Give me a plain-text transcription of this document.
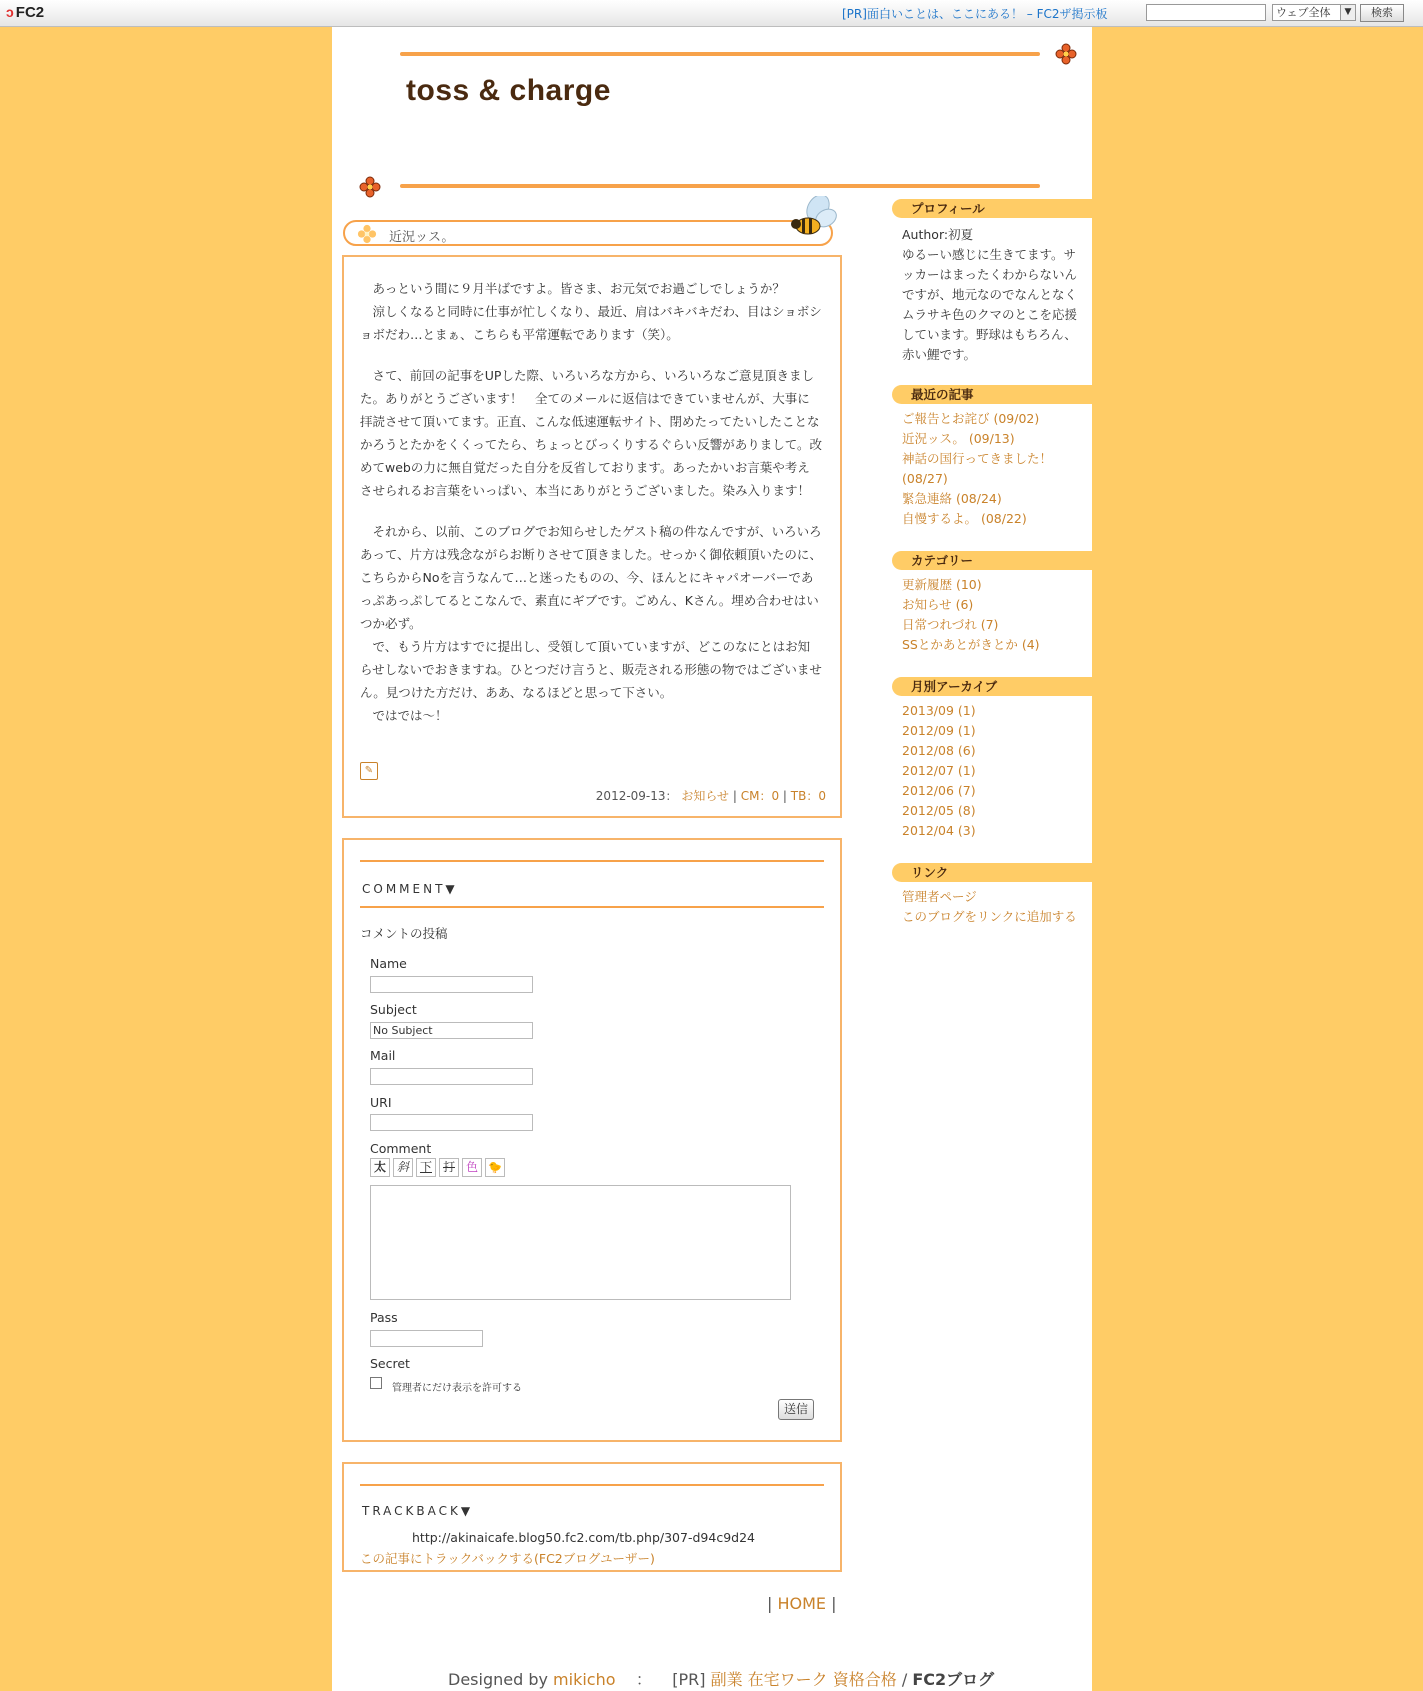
ↄ FC2	[PR]面白いことは、ここにある！ – FC2ザ掲示板	ウェブ全体	▼	検索
toss & charge
近況ッス。

　あっという間に９月半ばですよ。皆さま、お元気でお過ごしでしょうか？

　涼しくなると同時に仕事が忙しくなり、最近、肩はバキバキだわ、目はショボショボだわ…とまぁ、こちらも平常運転であります（笑）。

　さて、前回の記事をUPした際、いろいろな方から、いろいろなご意見頂きました。ありがとうございます！　全てのメールに返信はできていませんが、大事に拝読させて頂いてます。正直、こんな低速運転サイト、閉めたってたいしたことなかろうとたかをくくってたら、ちょっとびっくりするぐらい反響がありまして。改めてwebの力に無自覚だった自分を反省しております。あったかいお言葉や考えさせられるお言葉をいっぱい、本当にありがとうございました。染み入ります！

　それから、以前、このブログでお知らせしたゲスト稿の件なんですが、いろいろあって、片方は残念ながらお断りさせて頂きました。せっかく御依頼頂いたのに、こちらからNoを言うなんて…と迷ったものの、今、ほんとにキャパオーバーであっぷあっぷしてるとこなんで、素直にギブです。ごめん、Kさん。埋め合わせはいつか必ず。

　で、もう片方はすでに提出し、受領して頂いていますが、どこのなにとはお知らせしないでおきますね。ひとつだけ言うと、販売される形態の物ではございません。見つけた方だけ、ああ、なるほどと思って下さい。

　ではでは～！

✎
2012-09-13： お知らせ | CM：0 | TB：0
COMMENT▼
コメントの投稿
Name
Subject
No Subject
Mail
URI
Comment
太 斜 下 打 色 🐤
Pass
Secret
管理者にだけ表示を許可する
送信
TRACKBACK▼
http://akinaicafe.blog50.fc2.com/tb.php/307-d94c9d24
この記事にトラックバックする(FC2ブログユーザー)
| HOME |
Designed by mikicho ： [PR] 副業 在宅ワーク 資格合格 / FC2ブログ
プロフィール
Author:初夏
ゆるーい感じに生きてます。サッカーはまったくわからないんですが、地元なのでなんとなくムラサキ色のクマのとこを応援しています。野球はもちろん、赤い鯉です。
最近の記事
ご報告とお詫び (09/02)
近況ッス。 (09/13)
神話の国行ってきました！ (08/27)
緊急連絡 (08/24)
自慢するよ。 (08/22)
カテゴリー
更新履歴 (10)
お知らせ (6)
日常つれづれ (7)
SSとかあとがきとか (4)
月別アーカイブ
2013/09 (1)
2012/09 (1)
2012/08 (6)
2012/07 (1)
2012/06 (7)
2012/05 (8)
2012/04 (3)
リンク
管理者ページ
このブログをリンクに追加する
